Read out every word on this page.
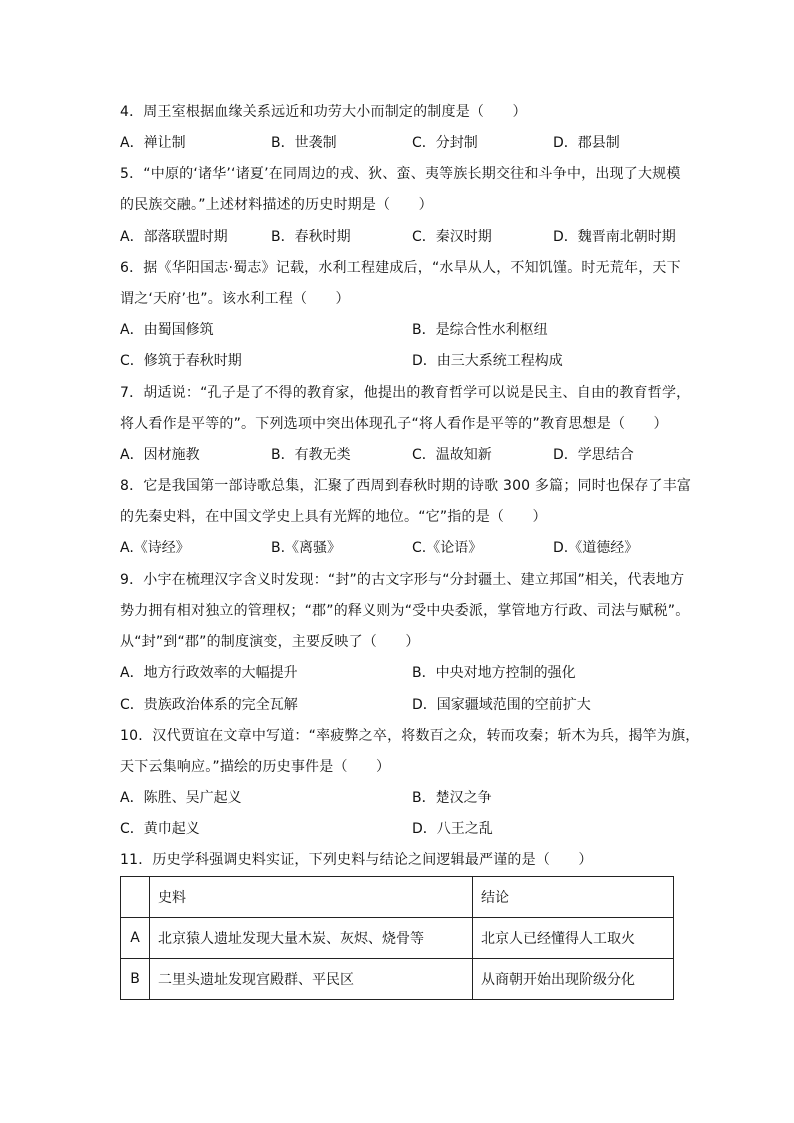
4．周王室根据血缘关系远近和功劳大小而制定的制度是（　　）
A．禅让制	B．世袭制	C．分封制	D．郡县制
5．“中原的‘诸华’‘诸夏’在同周边的戎、狄、蛮、夷等族长期交往和斗争中，出现了大规模
的民族交融。”上述材料描述的历史时期是（　　）
A．部落联盟时期	B．春秋时期	C．秦汉时期	D．魏晋南北朝时期
6．据《华阳国志·蜀志》记载，水利工程建成后，“水旱从人，不知饥馑。时无荒年，天下
谓之‘天府’也”。该水利工程（　　）
A．由蜀国修筑	B．是综合性水利枢纽
C．修筑于春秋时期	D．由三大系统工程构成
7．胡适说：“孔子是了不得的教育家，他提出的教育哲学可以说是民主、自由的教育哲学，
将人看作是平等的”。下列选项中突出体现孔子“将人看作是平等的”教育思想是（　　）
A．因材施教	B．有教无类	C．温故知新	D．学思结合
8．它是我国第一部诗歌总集，汇聚了西周到春秋时期的诗歌 300 多篇；同时也保存了丰富
的先秦史料，在中国文学史上具有光辉的地位。“它”指的是（　　）
A.《诗经》	B.《离骚》	C.《论语》	D.《道德经》
9．小宇在梳理汉字含义时发现：“封”的古文字形与“分封疆土、建立邦国”相关，代表地方
势力拥有相对独立的管理权；“郡”的释义则为“受中央委派，掌管地方行政、司法与赋税”。
从“封”到“郡”的制度演变，主要反映了（　　）
A．地方行政效率的大幅提升	B．中央对地方控制的强化
C．贵族政治体系的完全瓦解	D．国家疆域范围的空前扩大
10．汉代贾谊在文章中写道：“率疲弊之卒，将数百之众，转而攻秦；斩木为兵，揭竿为旗，
天下云集响应。”描绘的历史事件是（　　）
A．陈胜、吴广起义	B．楚汉之争
C．黄巾起义	D．八王之乱
11．历史学科强调史料实证，下列史料与结论之间逻辑最严谨的是（　　）
	史料	结论
A	北京猿人遗址发现大量木炭、灰烬、烧骨等	北京人已经懂得人工取火
B	二里头遗址发现宫殿群、平民区	从商朝开始出现阶级分化
